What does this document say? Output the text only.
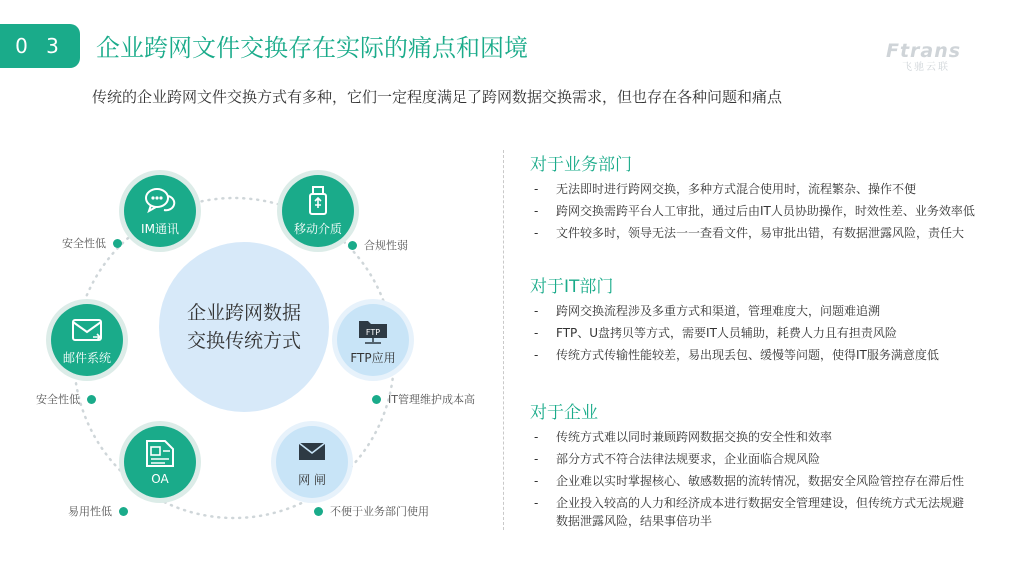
0 3	企业跨网文件交换存在实际的痛点和困境	Ftrans
飞驰云联
传统的企业跨网文件交换方式有多种，它们一定程度满足了跨网数据交换需求，但也存在各种问题和痛点
企业跨网数据
交换传统方式
IM通讯	移动介质
FTP
FTP应用
网 闸
OA
邮件系统
安全性低	合规性弱
IT管理维护成本高
不便于业务部门使用
易用性低
安全性低
对于业务部门
- 无法即时进行跨网交换，多种方式混合使用时，流程繁杂、操作不便
- 跨网交换需跨平台人工审批，通过后由IT人员协助操作，时效性差、业务效率低
- 文件较多时，领导无法一一查看文件，易审批出错，有数据泄露风险，责任大
对于IT部门
- 跨网交换流程涉及多重方式和渠道，管理难度大，问题难追溯
- FTP、U盘拷贝等方式，需要IT人员辅助，耗费人力且有担责风险
- 传统方式传输性能较差，易出现丢包、缓慢等问题，使得IT服务满意度低
对于企业
- 传统方式难以同时兼顾跨网数据交换的安全性和效率
- 部分方式不符合法律法规要求，企业面临合规风险
- 企业难以实时掌握核心、敏感数据的流转情况，数据安全风险管控存在滞后性
- 企业投入较高的人力和经济成本进行数据安全管理建设，但传统方式无法规避
数据泄露风险，结果事倍功半
